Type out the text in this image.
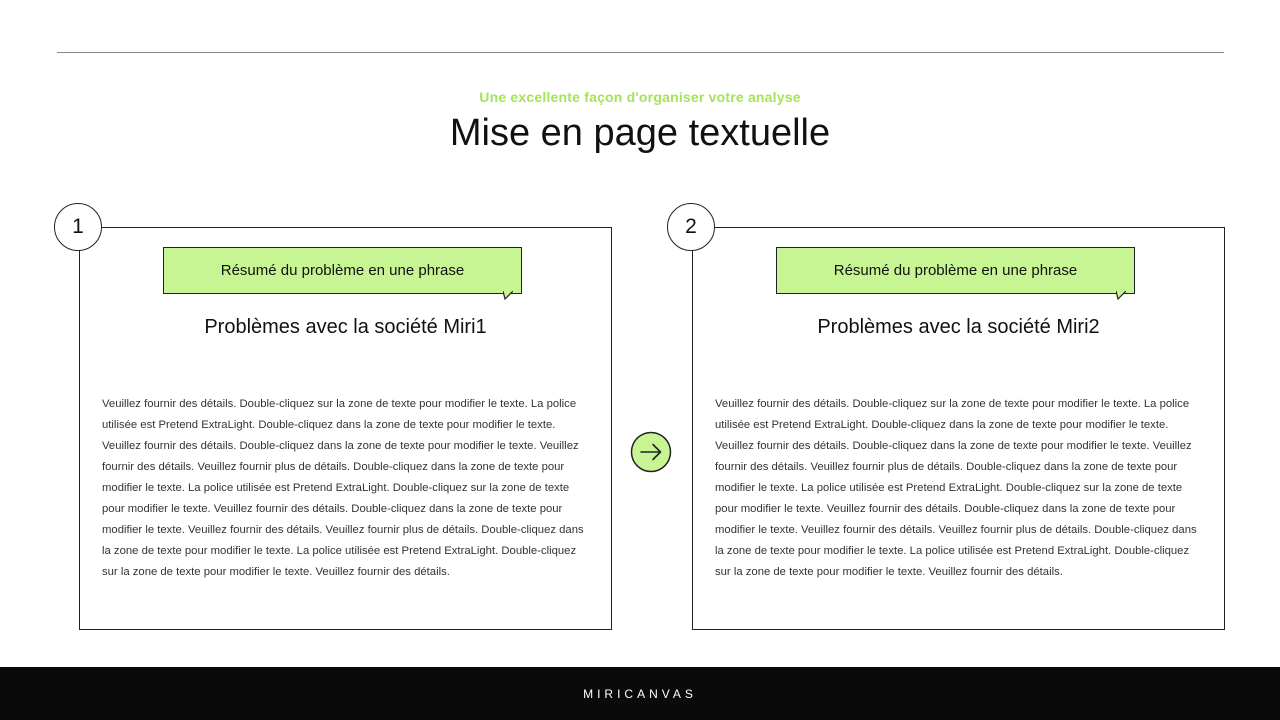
Une excellente façon d'organiser votre analyse
Mise en page textuelle
Résumé du problème en une phrase
Problèmes avec la société Miri1
Veuillez fournir des détails. Double-cliquez sur la zone de texte pour modifier le texte. La police utilisée est Pretend ExtraLight. Double-cliquez dans la zone de texte pour modifier le texte. Veuillez fournir des détails. Double-cliquez dans la zone de texte pour modifier le texte. Veuillez fournir des détails. Veuillez fournir plus de détails. Double-cliquez dans la zone de texte pour modifier le texte. La police utilisée est Pretend ExtraLight. Double-cliquez sur la zone de texte pour modifier le texte. Veuillez fournir des détails. Double-cliquez dans la zone de texte pour modifier le texte. Veuillez fournir des détails. Veuillez fournir plus de détails. Double-cliquez dans la zone de texte pour modifier le texte. La police utilisée est Pretend ExtraLight. Double-cliquez sur la zone de texte pour modifier le texte. Veuillez fournir des détails.
1
Résumé du problème en une phrase
Problèmes avec la société Miri2
Veuillez fournir des détails. Double-cliquez sur la zone de texte pour modifier le texte. La police utilisée est Pretend ExtraLight. Double-cliquez dans la zone de texte pour modifier le texte. Veuillez fournir des détails. Double-cliquez dans la zone de texte pour modifier le texte. Veuillez fournir des détails. Veuillez fournir plus de détails. Double-cliquez dans la zone de texte pour modifier le texte. La police utilisée est Pretend ExtraLight. Double-cliquez sur la zone de texte pour modifier le texte. Veuillez fournir des détails. Double-cliquez dans la zone de texte pour modifier le texte. Veuillez fournir des détails. Veuillez fournir plus de détails. Double-cliquez dans la zone de texte pour modifier le texte. La police utilisée est Pretend ExtraLight. Double-cliquez sur la zone de texte pour modifier le texte. Veuillez fournir des détails.
2
MIRICANVAS
